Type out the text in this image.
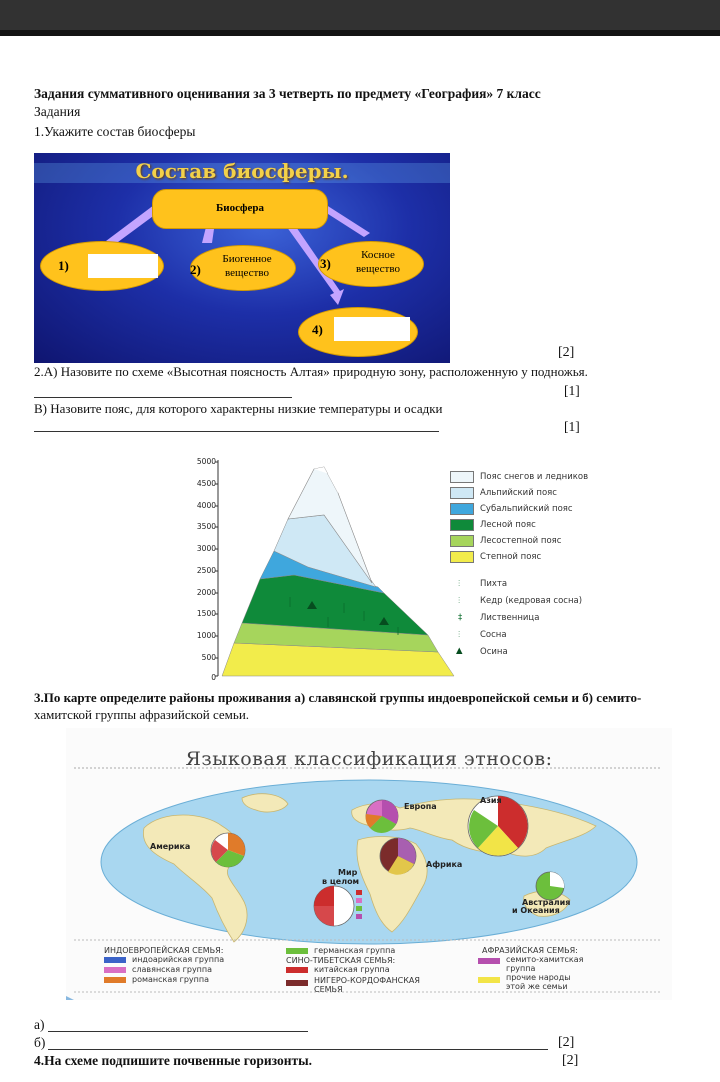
Задания суммативного оценивания за 3 четверть по предмету «География» 7 класс
Задания
1.Укажите состав биосферы
Состав биосферы.
Биосфера
1)	2)
Биогенное
вещество
3)
Косное
вещество
4)
[2]
2.А) Назовите по схеме «Высотная поясность Алтая» природную зону, расположенную у подножья.
[1]
В) Назовите пояс, для которого характерны низкие температуры и осадки
[1]
5000
4500
4000
3500
3000
2500
2000
1500
1000
500
0
Пояс снегов и ледников
Альпийский пояс
Субальпийский пояс
Лесной пояс
Лесостепной пояс
Степной пояс
⫶ Пихта
⫶ Кедр (кедровая сосна)
‡ Лиственница
⫶ Сосна
▲ Осина
3.По карте определите районы проживания а) славянской группы индоевропейской семьи и б) семито-
хамитской группы афразийской семьи.
Языковая классификация этносов:
Америка
Европа
Азия
Африка
Мир
в целом
Австралия
и Океания
ИНДОЕВРОПЕЙСКАЯ СЕМЬЯ:
индоарийская группа
славянская группа
романская группа
германская группа
СИНО-ТИБЕТСКАЯ СЕМЬЯ:
китайская группа
НИГЕРО-КОРДОФАНСКАЯ
СЕМЬЯ
АФРАЗИЙСКАЯ СЕМЬЯ:
семито-хамитская
группа
прочие народы
этой же семьи
а)
б)	[2]
4.На схеме подпишите почвенные горизонты.	[2]
